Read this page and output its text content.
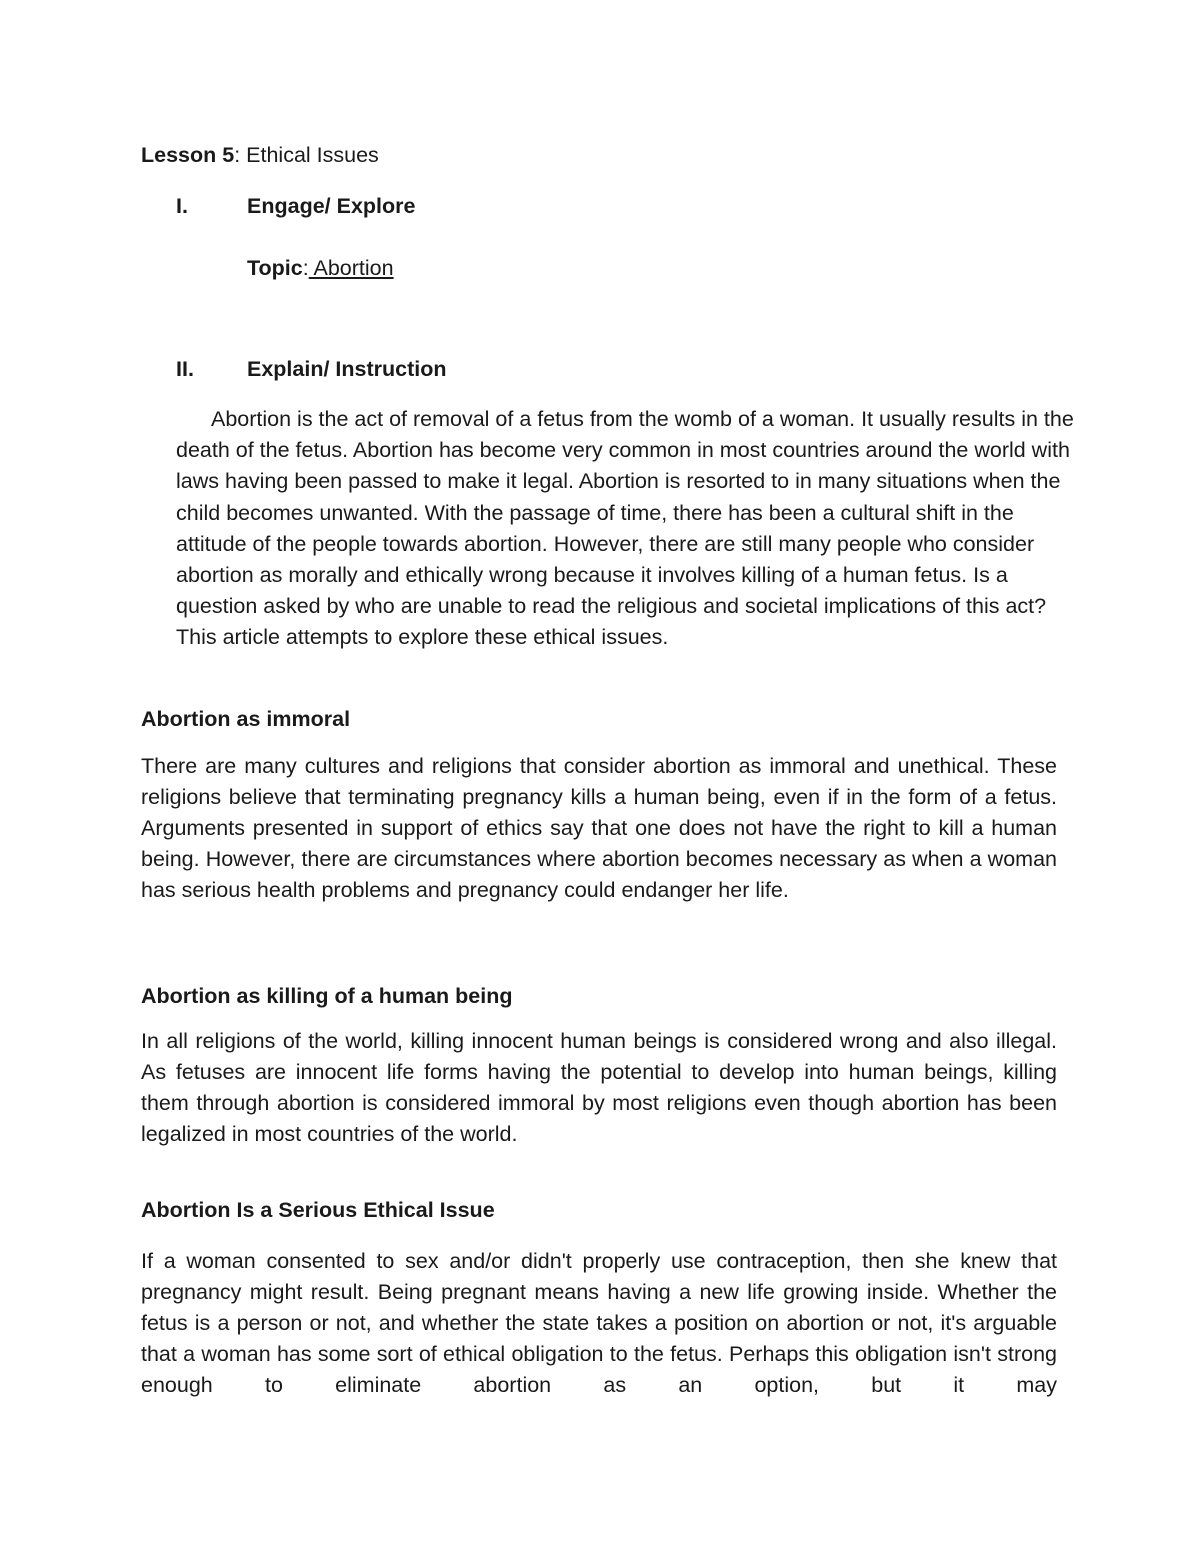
Lesson 5: Ethical Issues
I.	Engage/ Explore
Topic: Abortion
II. Explain/ Instruction

Abortion is the act of removal of a fetus from the womb of a woman. It usually results in the death of the fetus. Abortion has become very common in most countries around the world with laws having been passed to make it legal. Abortion is resorted to in many situations when the child becomes unwanted. With the passage of time, there has been a cultural shift in the attitude of the people towards abortion. However, there are still many people who consider abortion as morally and ethically wrong because it involves killing of a human fetus. Is a question asked by who are unable to read the religious and societal implications of this act? This article attempts to explore these ethical issues.

Abortion as immoral

There are many cultures and religions that consider abortion as immoral and unethical. These religions believe that terminating pregnancy kills a human being, even if in the form of a fetus. Arguments presented in support of ethics say that one does not have the right to kill a human being. However, there are circumstances where abortion becomes necessary as when a woman has serious health problems and pregnancy could endanger her life.

Abortion as killing of a human being

In all religions of the world, killing innocent human beings is considered wrong and also illegal. As fetuses are innocent life forms having the potential to develop into human beings, killing them through abortion is considered immoral by most religions even though abortion has been legalized in most countries of the world.

Abortion Is a Serious Ethical Issue

If a woman consented to sex and/or didn't properly use contraception, then she knew that pregnancy might result. Being pregnant means having a new life growing inside. Whether the fetus is a person or not, and whether the state takes a position on abortion or not, it's arguable that a woman has some sort of ethical obligation to the fetus. Perhaps this obligation isn't strong enough to eliminate abortion as an option, but it may
